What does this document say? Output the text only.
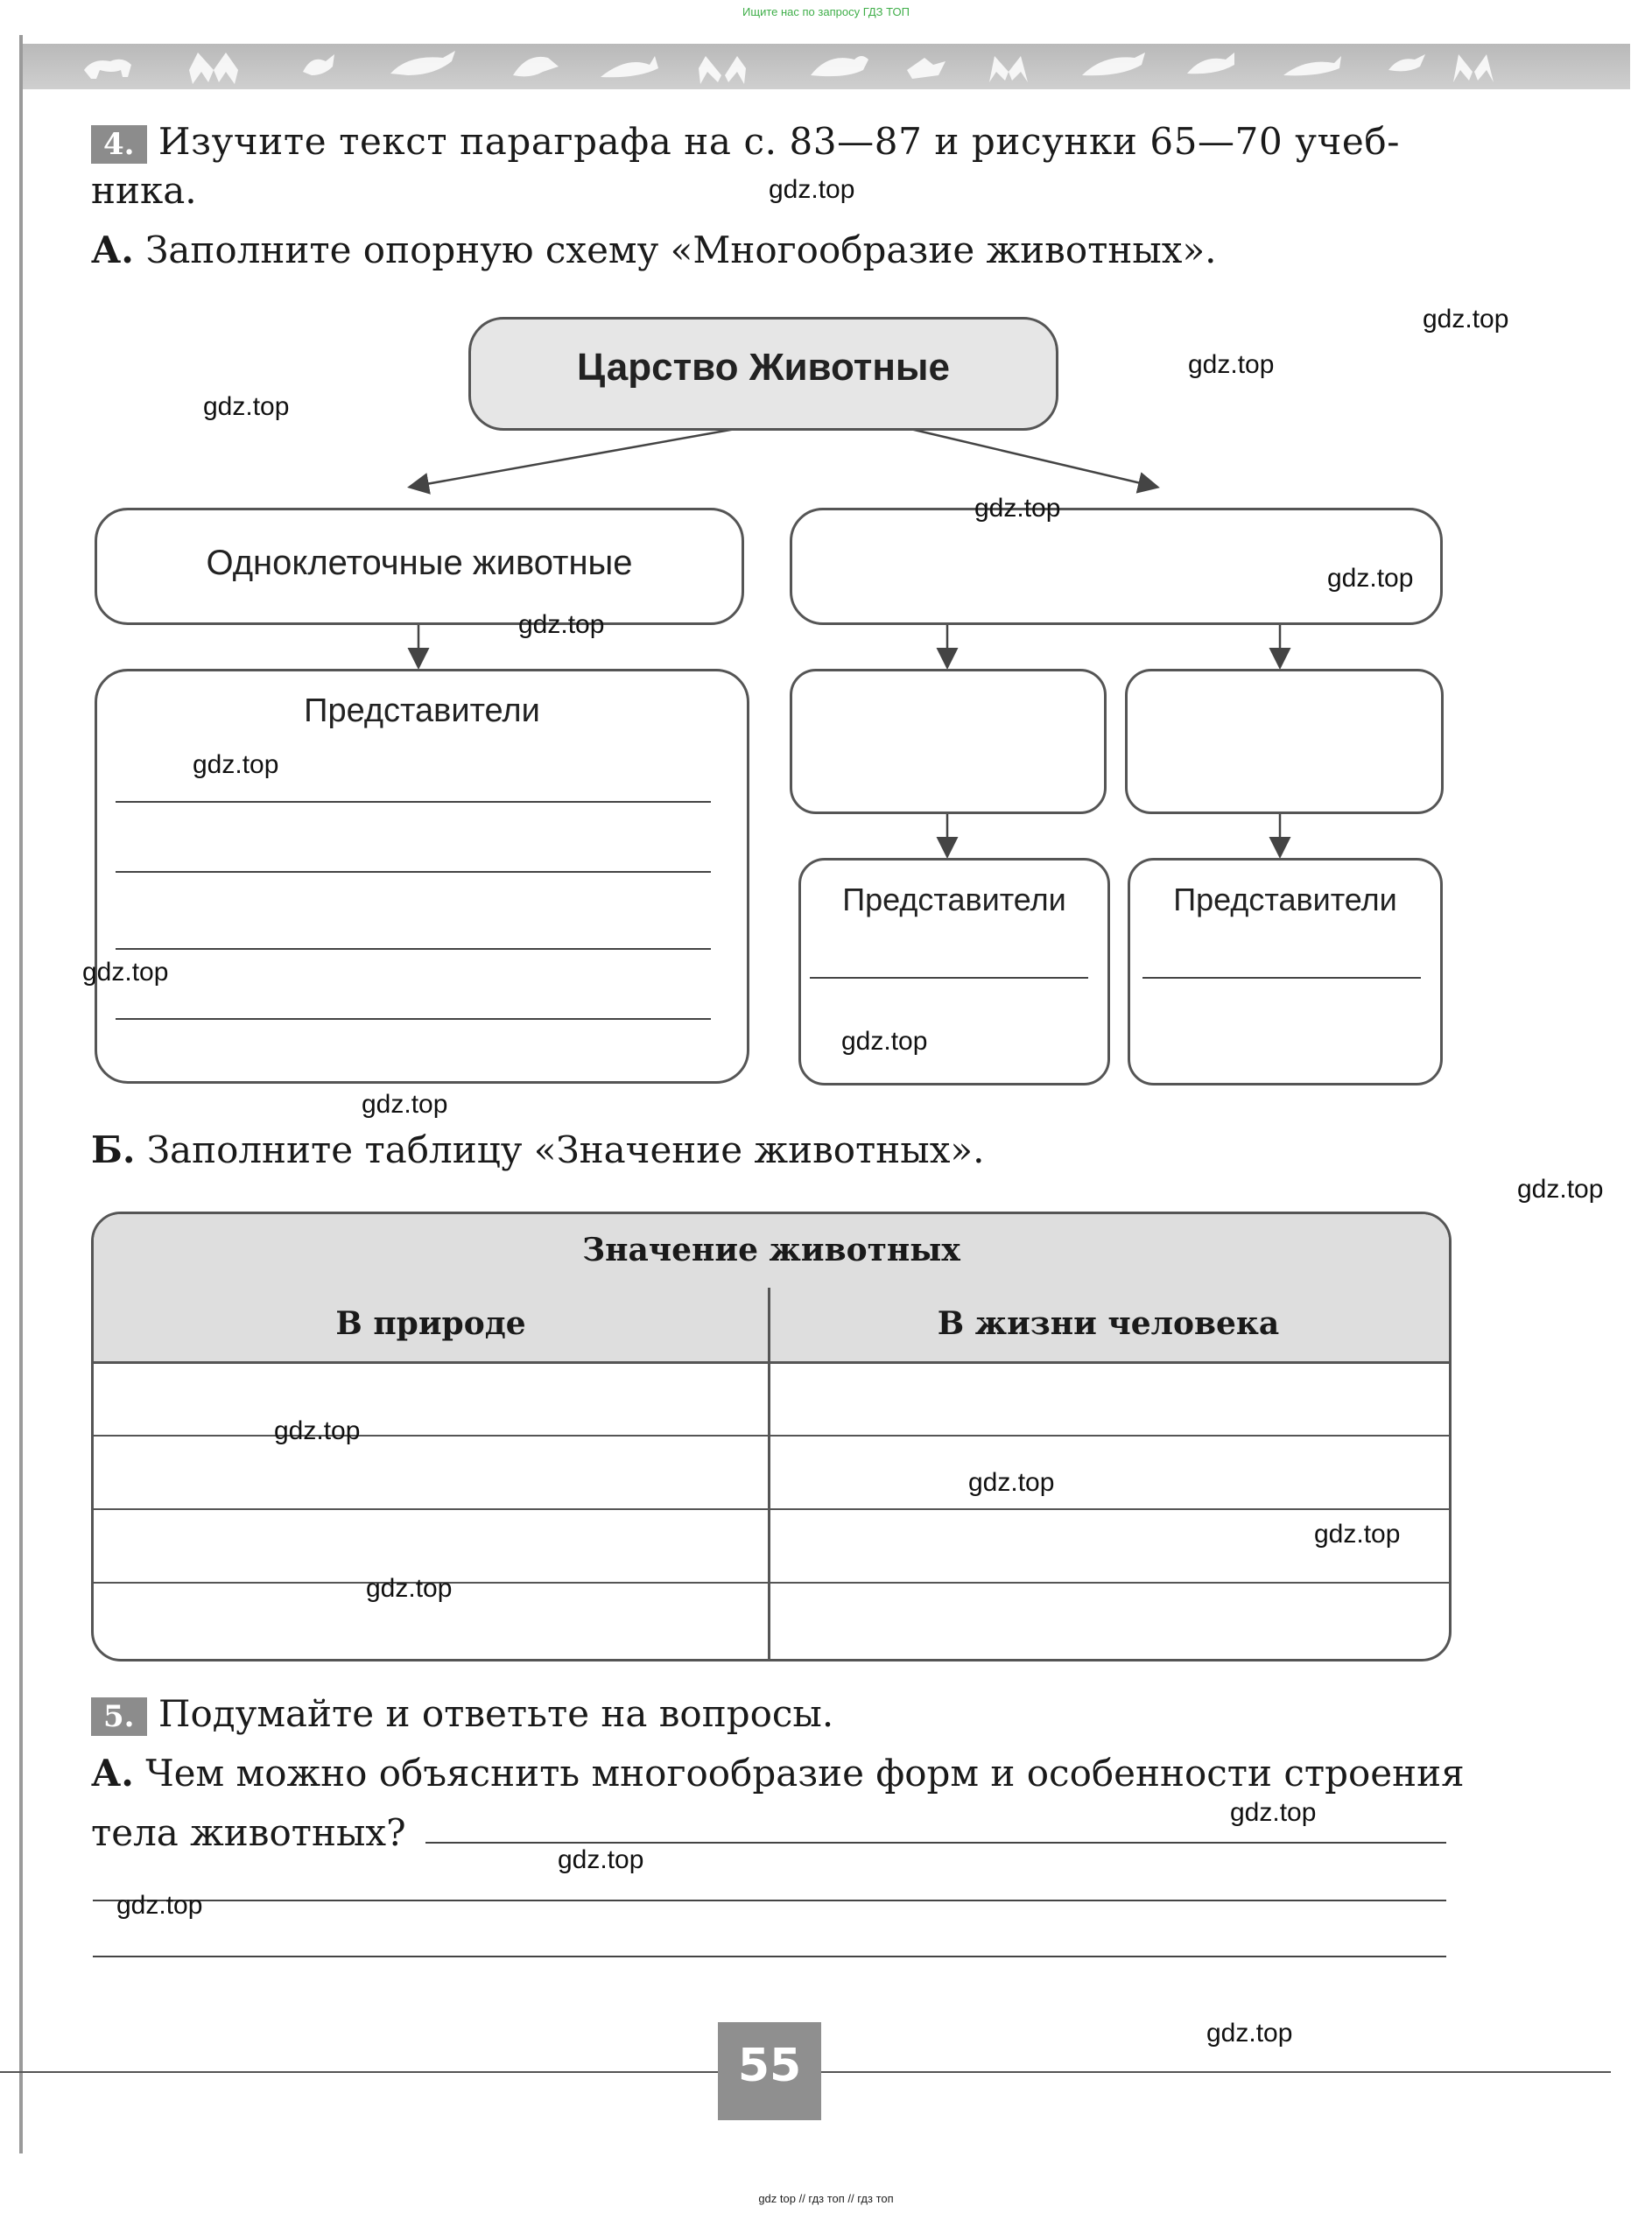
Ищите нас по запросу ГДЗ ТОП
4. Изучите текст параграфа на с. 83—87 и рисунки 65—70 учеб-
ника.
А. Заполните опорную схему «Многообразие животных».
Царство Животные
Одноклеточные животные
Представители
Представители	Представители
Б. Заполните таблицу «Значение животных».
Значение животных
В природе	В жизни человека
5. Подумайте и ответьте на вопросы.
А. Чем можно объяснить многообразие форм и особенности строения
тела животных?
gdz.top
gdz.top
gdz.top
gdz.top
gdz.top
gdz.top
gdz.top
gdz.top
gdz.top
gdz.top
gdz.top
gdz.top
gdz.top
gdz.top
gdz.top
gdz.top
gdz.top
gdz.top
gdz.top
gdz.top
55
gdz top // гдз топ // гдз топ
